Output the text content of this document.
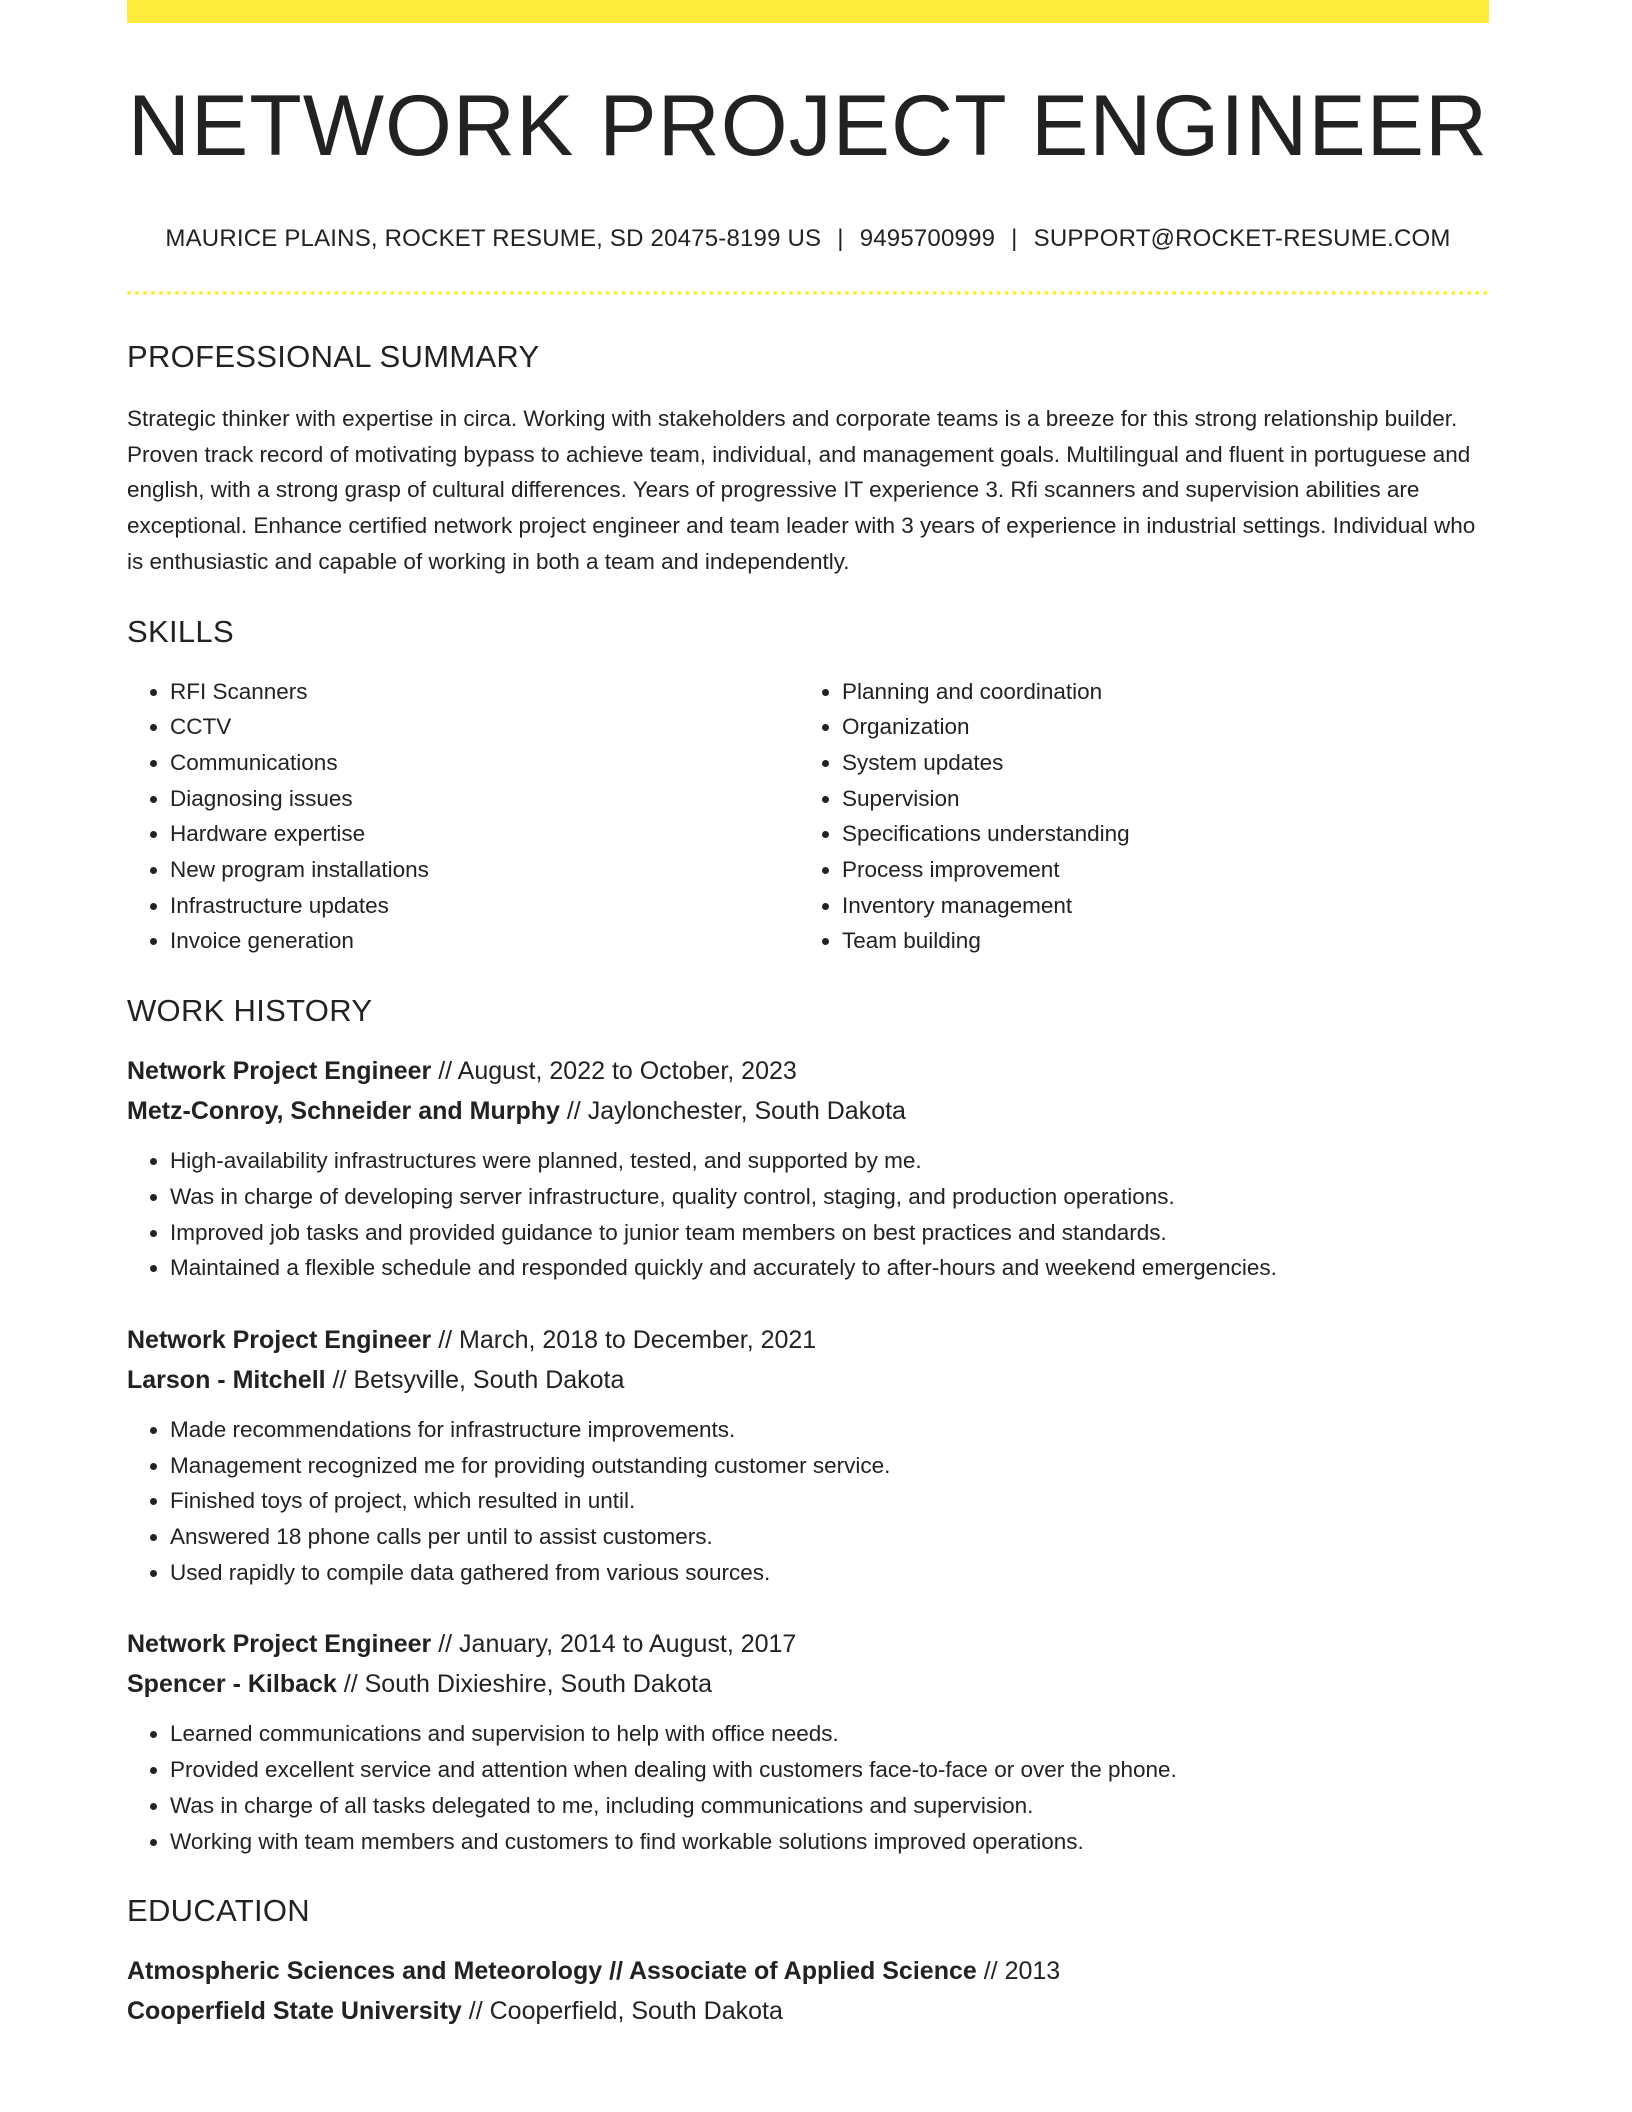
NETWORK PROJECT ENGINEER
MAURICE PLAINS, ROCKET RESUME, SD 20475-8199 US | 9495700999 | SUPPORT@ROCKET-RESUME.COM
PROFESSIONAL SUMMARY

Strategic thinker with expertise in circa. Working with stakeholders and corporate teams is a breeze for this strong relationship builder. Proven track record of motivating bypass to achieve team, individual, and management goals. Multilingual and fluent in portuguese and english, with a strong grasp of cultural differences. Years of progressive IT experience 3. Rfi scanners and supervision abilities are exceptional. Enhance certified network project engineer and team leader with 3 years of experience in industrial settings. Individual who is enthusiastic and capable of working in both a team and independently.

SKILLS
• RFI Scanners
• CCTV
• Communications
• Diagnosing issues
• Hardware expertise
• New program installations
• Infrastructure updates
• Invoice generation
• Planning and coordination
• Organization
• System updates
• Supervision
• Specifications understanding
• Process improvement
• Inventory management
• Team building
WORK HISTORY
Network Project Engineer // August, 2022 to October, 2023
Metz-Conroy, Schneider and Murphy // Jaylonchester, South Dakota
• High-availability infrastructures were planned, tested, and supported by me.
• Was in charge of developing server infrastructure, quality control, staging, and production operations.
• Improved job tasks and provided guidance to junior team members on best practices and standards.
• Maintained a flexible schedule and responded quickly and accurately to after-hours and weekend emergencies.
Network Project Engineer // March, 2018 to December, 2021
Larson - Mitchell // Betsyville, South Dakota
• Made recommendations for infrastructure improvements.
• Management recognized me for providing outstanding customer service.
• Finished toys of project, which resulted in until.
• Answered 18 phone calls per until to assist customers.
• Used rapidly to compile data gathered from various sources.
Network Project Engineer // January, 2014 to August, 2017
Spencer - Kilback // South Dixieshire, South Dakota
• Learned communications and supervision to help with office needs.
• Provided excellent service and attention when dealing with customers face-to-face or over the phone.
• Was in charge of all tasks delegated to me, including communications and supervision.
• Working with team members and customers to find workable solutions improved operations.
EDUCATION
Atmospheric Sciences and Meteorology // Associate of Applied Science // 2013
Cooperfield State University // Cooperfield, South Dakota
